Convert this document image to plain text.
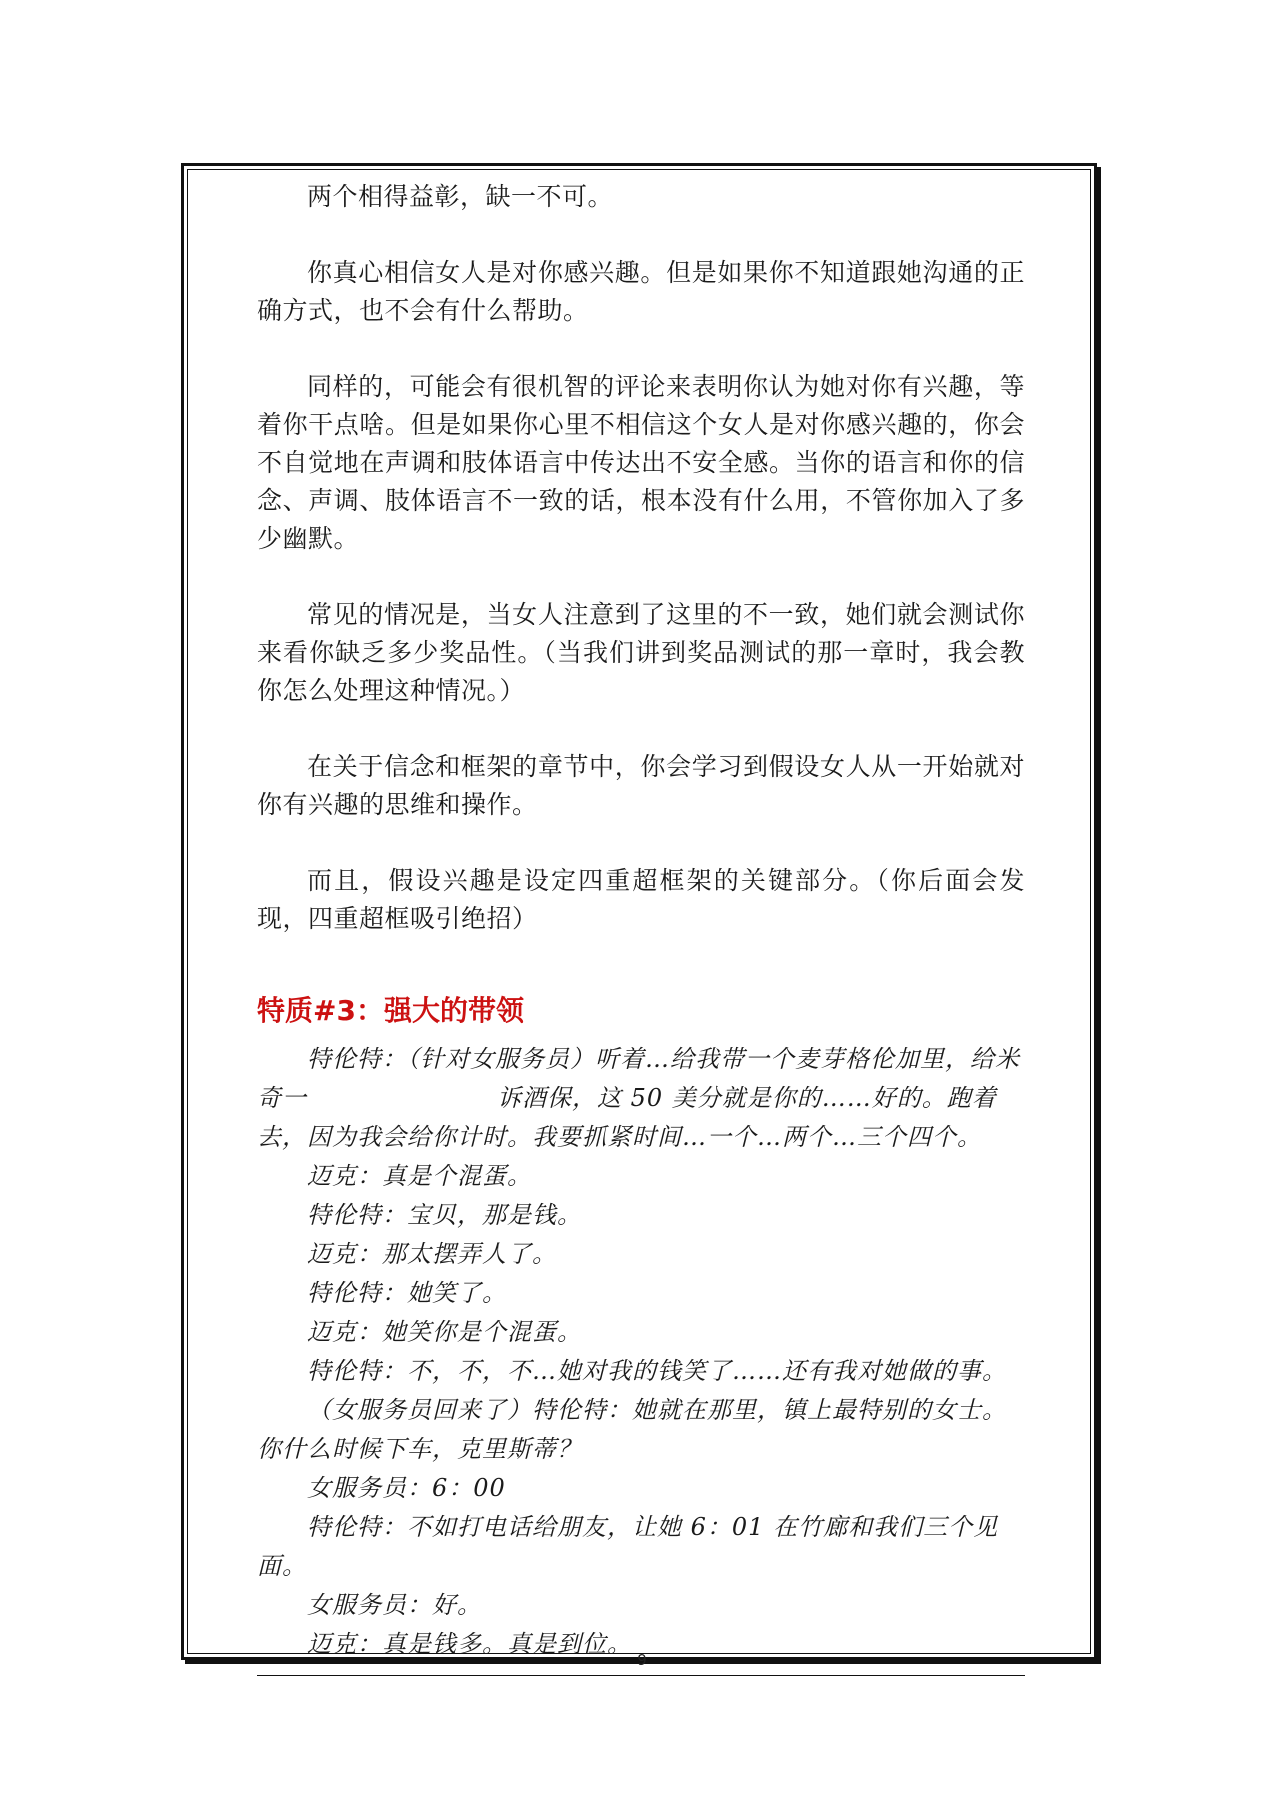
两个相得益彰，缺一不可。

你真心相信女人是对你感兴趣。但是如果你不知道跟她沟通的正确方式，也不会有什么帮助。

同样的，可能会有很机智的评论来表明你认为她对你有兴趣，等着你干点啥。但是如果你心里不相信这个女人是对你感兴趣的，你会不自觉地在声调和肢体语言中传达出不安全感。当你的语言和你的信念、声调、肢体语言不一致的话，根本没有什么用，不管你加入了多少幽默。

常见的情况是，当女人注意到了这里的不一致，她们就会测试你来看你缺乏多少奖品性。（当我们讲到奖品测试的那一章时，我会教你怎么处理这种情况。）

在关于信念和框架的章节中，你会学习到假设女人从一开始就对你有兴趣的思维和操作。

而且，假设兴趣是设定四重超框架的关键部分。（你后面会发现，四重超框吸引绝招）

特质#3：强大的带领

特伦特：（针对女服务员）听着…给我带一个麦芽格伦加里，给米奇一	诉酒保，这 50 美分就是你的……好的。跑着去，因为我会给你计时。我要抓紧时间…一个…两个…三个四个。

迈克：真是个混蛋。

特伦特：宝贝，那是钱。

迈克：那太摆弄人了。

特伦特：她笑了。

迈克：她笑你是个混蛋。

特伦特：不，不，不…她对我的钱笑了……还有我对她做的事。

（女服务员回来了）特伦特：她就在那里，镇上最特别的女士。

你什么时候下车，克里斯蒂？

女服务员：6：00

特伦特：不如打电话给朋友，让她 6：01 在竹廊和我们三个见面。

女服务员：好。

迈克：真是钱多。真是到位。

9
